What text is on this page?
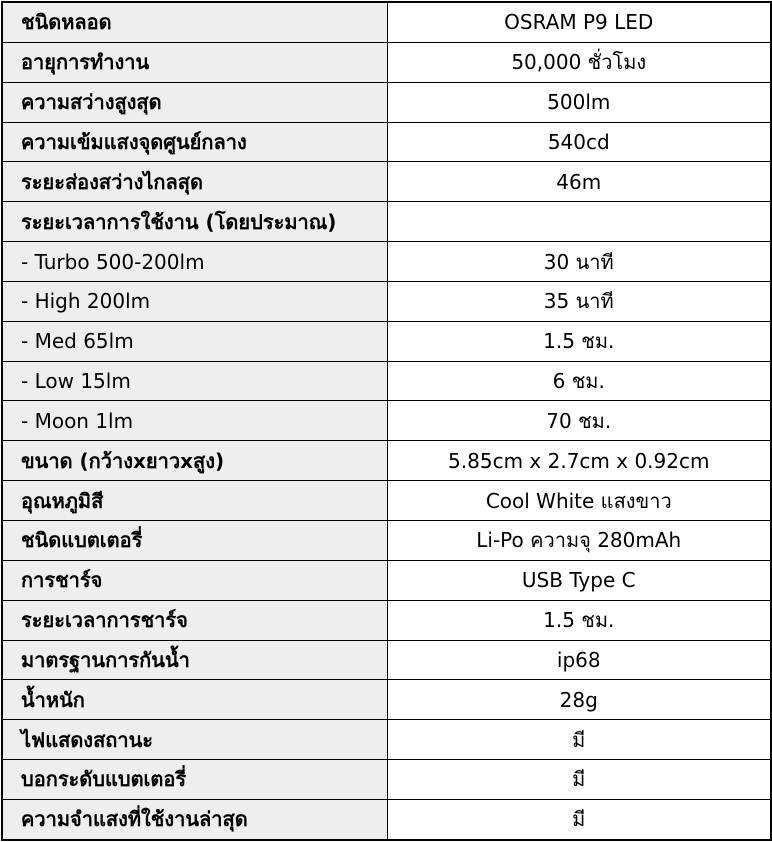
ชนิดหลอด	OSRAM P9 LED
อายุการทำงาน	50,000 ชั่วโมง
ความสว่างสูงสุด	500lm
ความเข้มแสงจุดศูนย์กลาง	540cd
ระยะส่องสว่างไกลสุด	46m
ระยะเวลาการใช้งาน (โดยประมาณ)	
- Turbo 500-200lm	30 นาที
- High 200lm	35 นาที
- Med 65lm	1.5 ชม.
- Low 15lm	6 ชม.
- Moon 1lm	70 ชม.
ขนาด (กว้างxยาวxสูง)	5.85cm x 2.7cm x 0.92cm
อุณหภูมิสี	Cool White แสงขาว
ชนิดแบตเตอรี่	Li-Po ความจุ 280mAh
การชาร์จ	USB Type C
ระยะเวลาการชาร์จ	1.5 ชม.
มาตรฐานการกันน้ำ	ip68
น้ำหนัก	28g
ไฟแสดงสถานะ	มี
บอกระดับแบตเตอรี่	มี
ความจำแสงที่ใช้งานล่าสุด	มี
